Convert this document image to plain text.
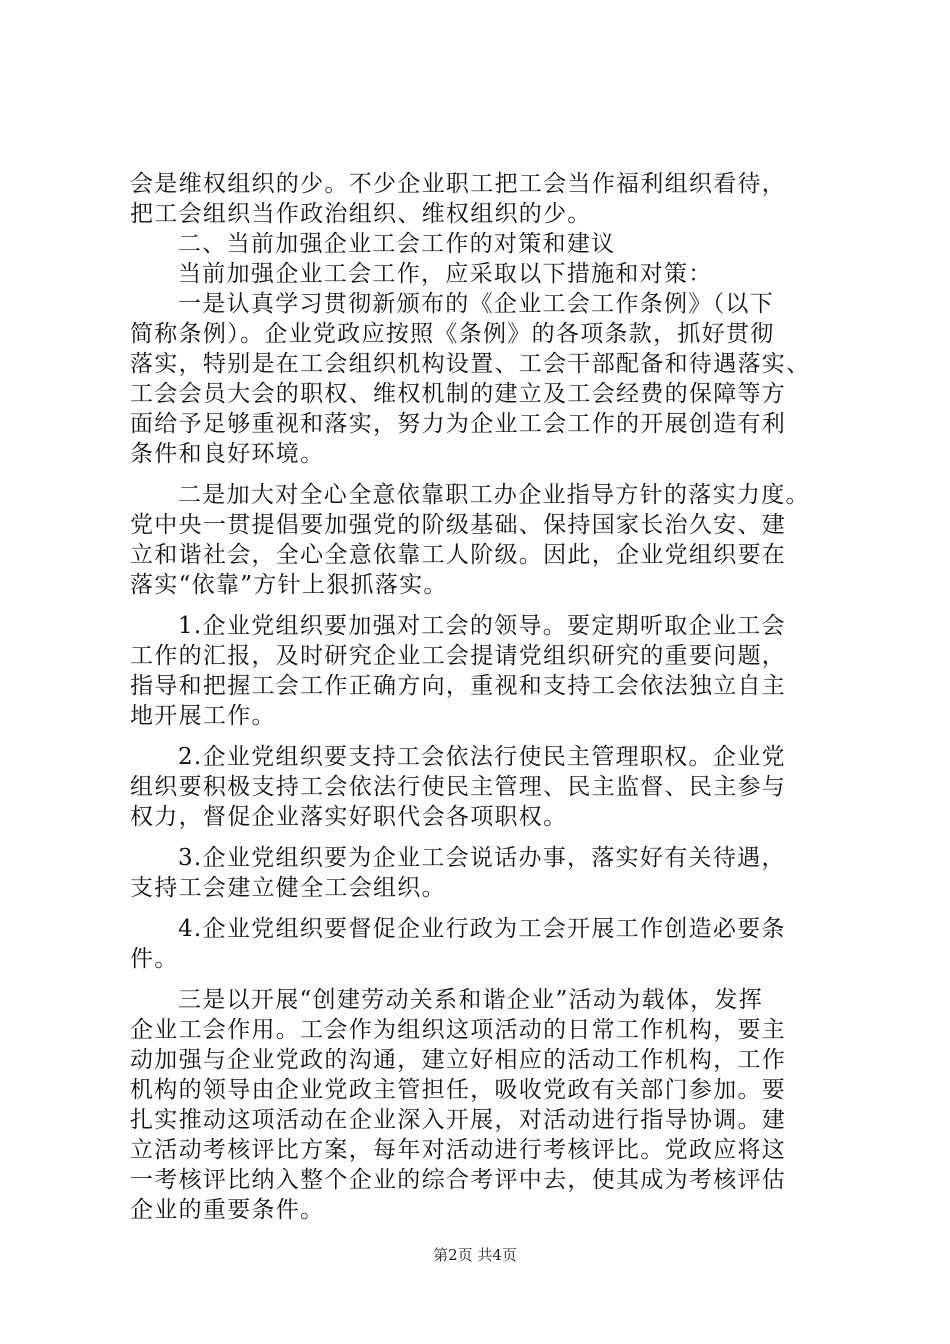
会是维权组织的少。不少企业职工把工会当作福利组织看待，
把工会组织当作政治组织、维权组织的少。
二、当前加强企业工会工作的对策和建议
当前加强企业工会工作，应采取以下措施和对策：
一是认真学习贯彻新颁布的《企业工会工作条例》（以下
简称条例）。企业党政应按照《条例》的各项条款，抓好贯彻
落实，特别是在工会组织机构设置、工会干部配备和待遇落实、
工会会员大会的职权、维权机制的建立及工会经费的保障等方
面给予足够重视和落实，努力为企业工会工作的开展创造有利
条件和良好环境。
二是加大对全心全意依靠职工办企业指导方针的落实力度。
党中央一贯提倡要加强党的阶级基础、保持国家长治久安、建
立和谐社会，全心全意依靠工人阶级。因此，企业党组织要在
落实“依靠”方针上狠抓落实。
1.企业党组织要加强对工会的领导。要定期听取企业工会
工作的汇报，及时研究企业工会提请党组织研究的重要问题，
指导和把握工会工作正确方向，重视和支持工会依法独立自主
地开展工作。
2.企业党组织要支持工会依法行使民主管理职权。企业党
组织要积极支持工会依法行使民主管理、民主监督、民主参与
权力，督促企业落实好职代会各项职权。
3.企业党组织要为企业工会说话办事，落实好有关待遇，
支持工会建立健全工会组织。
4.企业党组织要督促企业行政为工会开展工作创造必要条
件。
三是以开展“创建劳动关系和谐企业”活动为载体，发挥
企业工会作用。工会作为组织这项活动的日常工作机构，要主
动加强与企业党政的沟通，建立好相应的活动工作机构，工作
机构的领导由企业党政主管担任，吸收党政有关部门参加。要
扎实推动这项活动在企业深入开展，对活动进行指导协调。建
立活动考核评比方案，每年对活动进行考核评比。党政应将这
一考核评比纳入整个企业的综合考评中去，使其成为考核评估
企业的重要条件。
第2页 共4页
